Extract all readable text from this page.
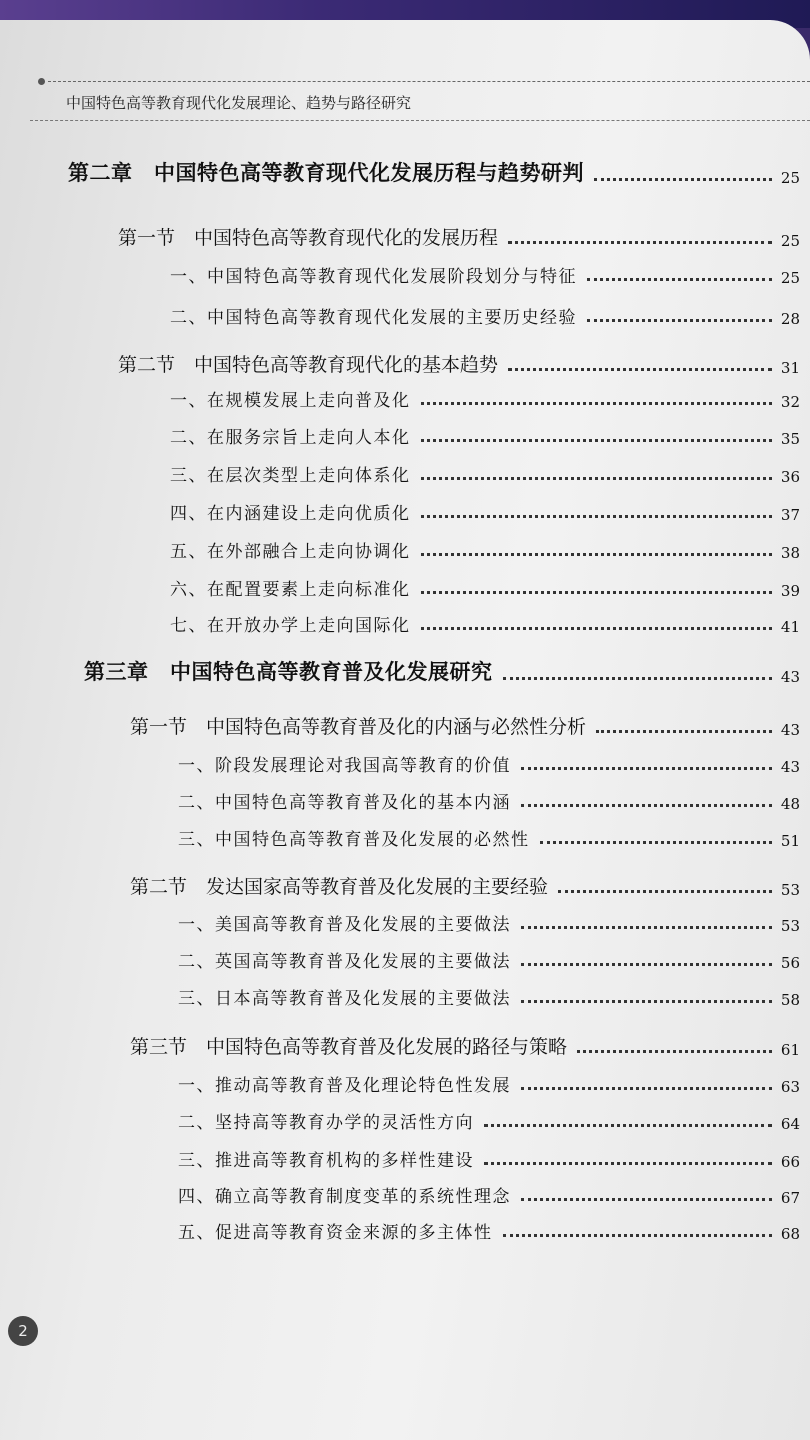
中国特色高等教育现代化发展理论、趋势与路径研究
第二章　中国特色高等教育现代化发展历程与趋势研判	25
第一节　中国特色高等教育现代化的发展历程	25
一、中国特色高等教育现代化发展阶段划分与特征	25
二、中国特色高等教育现代化发展的主要历史经验	28
第二节　中国特色高等教育现代化的基本趋势	31
一、在规模发展上走向普及化	32
二、在服务宗旨上走向人本化	35
三、在层次类型上走向体系化	36
四、在内涵建设上走向优质化	37
五、在外部融合上走向协调化	38
六、在配置要素上走向标准化	39
七、在开放办学上走向国际化	41
第三章　中国特色高等教育普及化发展研究	43
第一节　中国特色高等教育普及化的内涵与必然性分析	43
一、阶段发展理论对我国高等教育的价值	43
二、中国特色高等教育普及化的基本内涵	48
三、中国特色高等教育普及化发展的必然性	51
第二节　发达国家高等教育普及化发展的主要经验	53
一、美国高等教育普及化发展的主要做法	53
二、英国高等教育普及化发展的主要做法	56
三、日本高等教育普及化发展的主要做法	58
第三节　中国特色高等教育普及化发展的路径与策略	61
一、推动高等教育普及化理论特色性发展	63
二、坚持高等教育办学的灵活性方向	64
三、推进高等教育机构的多样性建设	66
四、确立高等教育制度变革的系统性理念	67
五、促进高等教育资金来源的多主体性	68
2
